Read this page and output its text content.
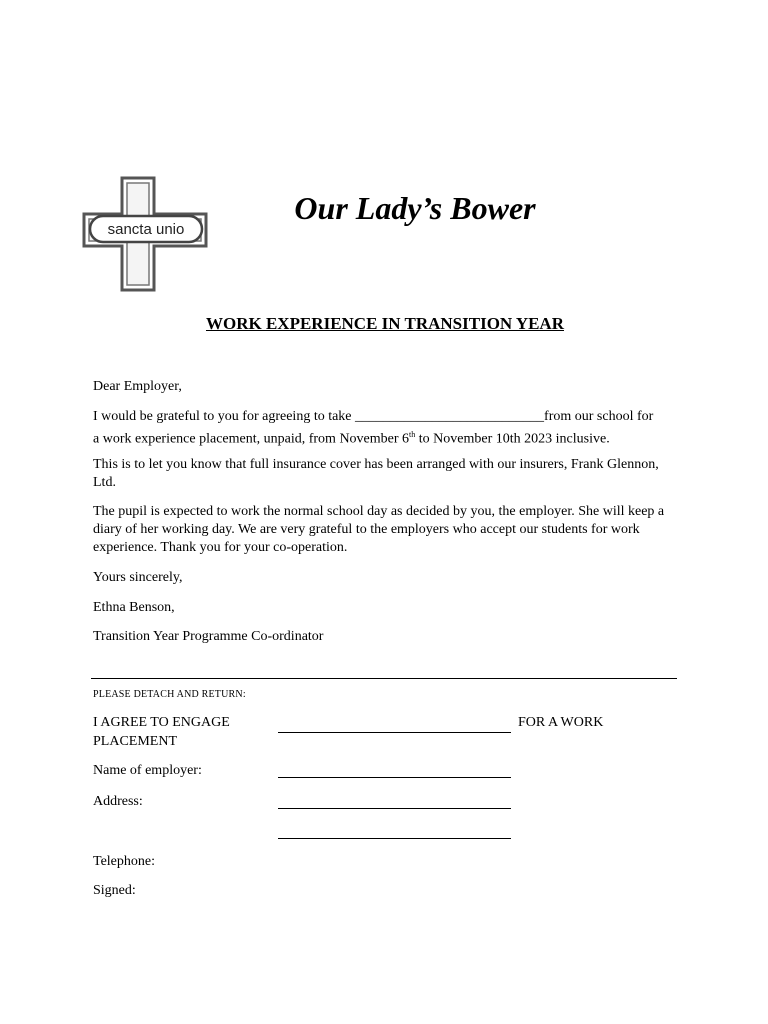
sancta unio
Our Lady’s Bower
WORK EXPERIENCE IN TRANSITION YEAR
Dear Employer,
I would be grateful to you for agreeing to take ___________________________from our school for
a work experience placement, unpaid, from November 6th to November 10th 2023 inclusive.
This is to let you know that full insurance cover has been arranged with our insurers, Frank Glennon, Ltd.
The pupil is expected to work the normal school day as decided by you, the employer. She will keep a diary of her working day. We are very grateful to the employers who accept our students for work experience. Thank you for your co-operation.
Yours sincerely,
Ethna Benson,
Transition Year Programme Co-ordinator
PLEASE DETACH AND RETURN:
I AGREE TO ENGAGE	FOR A WORK
PLACEMENT
Name of employer:
Address:
Telephone:
Signed:
